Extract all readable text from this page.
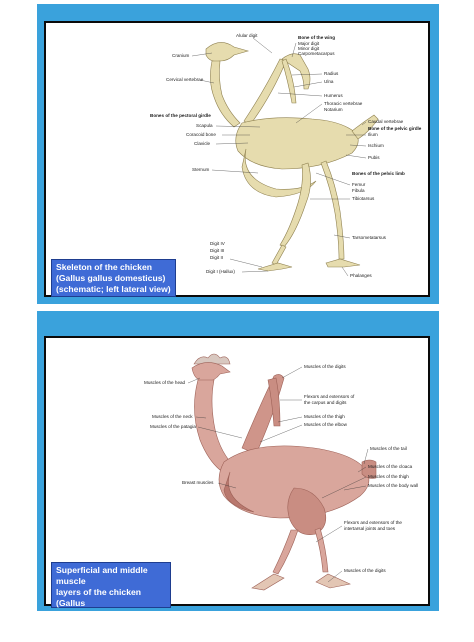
Alular digit	Bone of the wing
Major digit
Minor digit
Carpometacarpus
Cranium
Cervical vertebrae
Radius
Ulna
Humerus
Thoracic vertebrae
Notarium
Bones of the pectoral girdle
Caudal vertebrae
Bone of the pelvic girdle
Scapula
Ilium
Coracoid bone
Ischium
Clavicle
Pubis
Sternum
Bones of the pelvic limb
Femur
Fibula
Tibiotarsus
Tarsometatarsus
Digit IV
Digit III
Digit II
Digit I (Hallux)
Phalanges
Skeleton of the chicken
(Gallus gallus domesticus)
(schematic; left lateral view)
Muscles of the head
Muscles of the digits
Flexors and extensors of
the carpus and digits
Muscles of the thigh
Muscles of the neck
Muscles of the patagia	Muscles of the elbow
Muscles of the tail
Muscles of the cloaca
Muscles of the thigh
Breast muscles
Muscles of the body wall
Flexors and extensors of the
intertarsal joints and toes
Muscles of the digits
Superficial and middle muscle
layers of the chicken (Gallus
gallus domesticus) (schematic;
left lateral view)
